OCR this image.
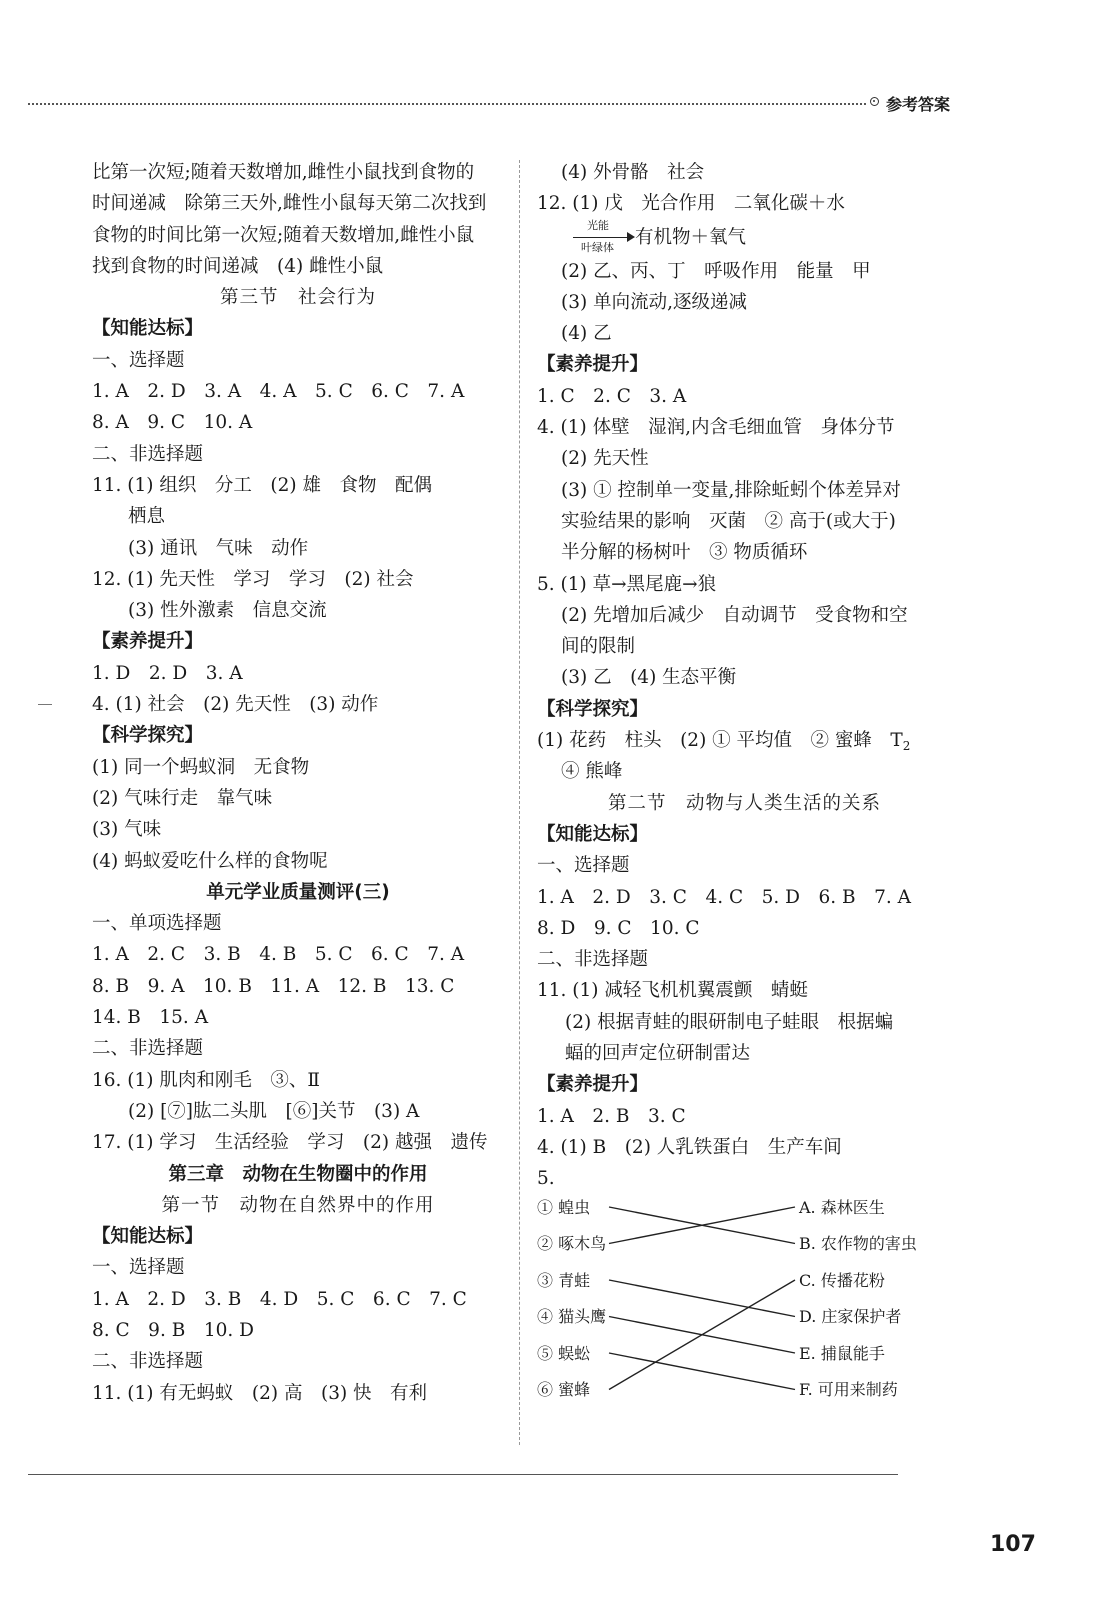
参考答案
比第一次短;随着天数增加,雌性小鼠找到食物的
时间递减　除第三天外,雌性小鼠每天第二次找到
食物的时间比第一次短;随着天数增加,雌性小鼠
找到食物的时间递减　(4) 雌性小鼠
第三节　社会行为
【知能达标】
一、选择题
1. A　2. D　3. A　4. A　5. C　6. C　7. A
8. A　9. C　10. A
二、非选择题
11. (1) 组织　分工　(2) 雄　食物　配偶
栖息
(3) 通讯　气味　动作
12. (1) 先天性　学习　学习　(2) 社会
(3) 性外激素　信息交流
【素养提升】
1. D　2. D　3. A
4. (1) 社会　(2) 先天性　(3) 动作
【科学探究】
(1) 同一个蚂蚁洞　无食物
(2) 气味行走　靠气味
(3) 气味
(4) 蚂蚁爱吃什么样的食物呢
单元学业质量测评(三)
一、单项选择题
1. A　2. C　3. B　4. B　5. C　6. C　7. A
8. B　9. A　10. B　11. A　12. B　13. C
14. B　15. A
二、非选择题
16. (1) 肌肉和刚毛　③、Ⅱ
(2) [⑦]肱二头肌　[⑥]关节　(3) A
17. (1) 学习　生活经验　学习　(2) 越强　遗传
第三章　动物在生物圈中的作用
第一节　动物在自然界中的作用
【知能达标】
一、选择题
1. A　2. D　3. B　4. D　5. C　6. C　7. C
8. C　9. B　10. D
二、非选择题
11. (1) 有无蚂蚁　(2) 高　(3) 快　有利
(4) 外骨骼　社会
12. (1) 戊　光合作用　二氧化碳＋水
光能
叶绿体 有机物＋氧气
(2) 乙、丙、丁　呼吸作用　能量　甲
(3) 单向流动,逐级递减
(4) 乙
【素养提升】
1. C　2. C　3. A
4. (1) 体壁　湿润,内含毛细血管　身体分节
(2) 先天性
(3) ① 控制单一变量,排除蚯蚓个体差异对
实验结果的影响　灭菌　② 高于(或大于)
半分解的杨树叶　③ 物质循环
5. (1) 草→黑尾鹿→狼
(2) 先增加后减少　自动调节　受食物和空
间的限制
(3) 乙　(4) 生态平衡
【科学探究】
(1) 花药　柱头　(2) ① 平均值　② 蜜蜂　$T_2$
④ 熊峰
第二节　动物与人类生活的关系
【知能达标】
一、选择题
1. A　2. D　3. C　4. C　5. D　6. B　7. A
8. D　9. C　10. C
二、非选择题
11. (1) 减轻飞机机翼震颤　蜻蜓
(2) 根据青蛙的眼研制电子蛙眼　根据蝙
蝠的回声定位研制雷达
【素养提升】
1. A　2. B　3. C
4. (1) B　(2) 人乳铁蛋白　生产车间
5.
① 蝗虫
② 啄木鸟
③ 青蛙
④ 猫头鹰
⑤ 蜈蚣
⑥ 蜜蜂
A. 森林医生
B. 农作物的害虫
C. 传播花粉
D. 庄家保护者
E. 捕鼠能手
F. 可用来制药
107
